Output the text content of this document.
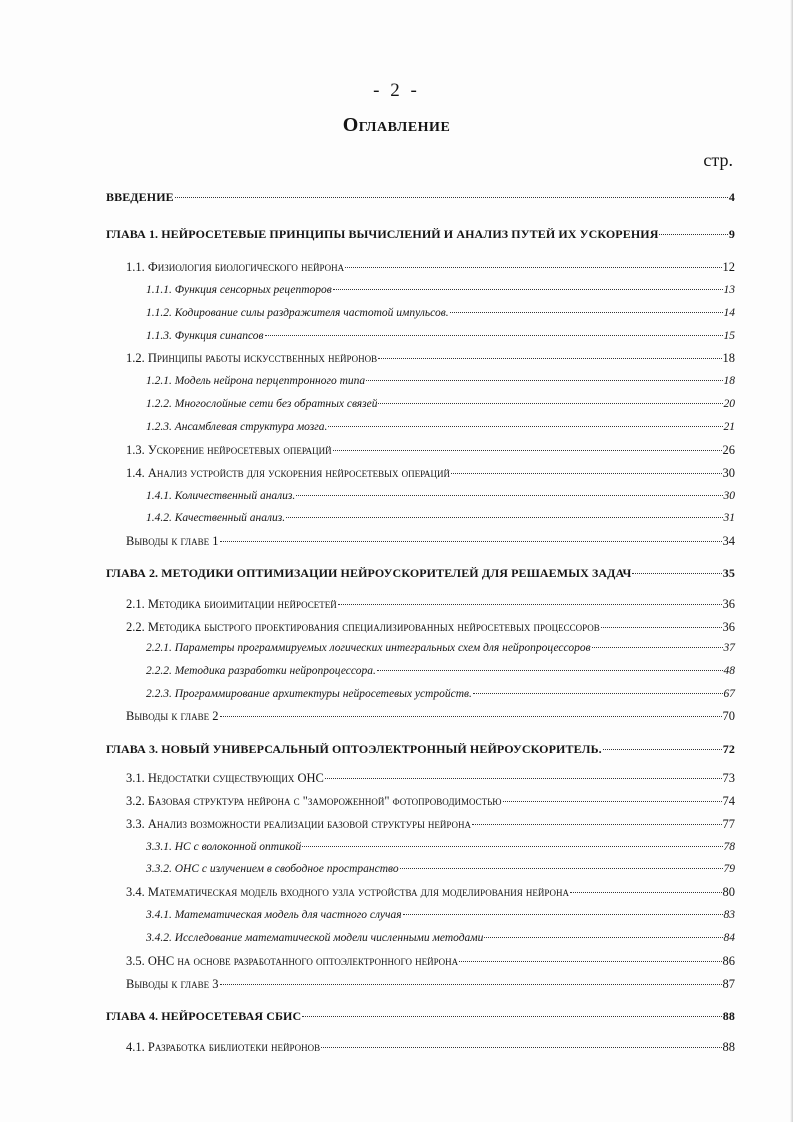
- 2 -
Оглавление
стр.
ВВЕДЕНИЕ	4
ГЛАВА 1. НЕЙРОСЕТЕВЫЕ ПРИНЦИПЫ ВЫЧИСЛЕНИЙ И АНАЛИЗ ПУТЕЙ ИХ УСКОРЕНИЯ	9
1.1. Физиология биологического нейрона	12
1.1.1. Функция сенсорных рецепторов	13
1.1.2. Кодирование силы раздражителя частотой импульсов.	14
1.1.3. Функция синапсов	15
1.2. Принципы работы искусственных нейронов	18
1.2.1. Модель нейрона перцептронного типа	18
1.2.2. Многослойные сети без обратных связей	20
1.2.3. Ансамблевая структура мозга.	21
1.3. Ускорение нейросетевых операций	26
1.4. Анализ устройств для ускорения нейросетевых операций	30
1.4.1. Количественный анализ.	30
1.4.2. Качественный анализ.	31
Выводы к главе 1	34
ГЛАВА 2. МЕТОДИКИ ОПТИМИЗАЦИИ НЕЙРОУСКОРИТЕЛЕЙ ДЛЯ РЕШАЕМЫХ ЗАДАЧ	35
2.1. Методика биоимитации нейросетей	36
2.2. Методика быстрого проектирования специализированных нейросетевых процессоров	36
2.2.1. Параметры программируемых логических интегральных схем для нейропроцессоров	37
2.2.2. Методика разработки нейропроцессора.	48
2.2.3. Программирование архитектуры нейросетевых устройств.	67
Выводы к главе 2	70
ГЛАВА 3. НОВЫЙ УНИВЕРСАЛЬНЫЙ ОПТОЭЛЕКТРОННЫЙ НЕЙРОУСКОРИТЕЛЬ.	72
3.1. Недостатки существующих ОНС	73
3.2. Базовая структура нейрона с "замороженной" фотопроводимостью	74
3.3. Анализ возможности реализации базовой структуры нейрона	77
3.3.1. НС с волоконной оптикой	78
3.3.2. ОНС с излучением в свободное пространство	79
3.4. Математическая модель входного узла устройства для моделирования нейрона	80
3.4.1. Математическая модель для частного случая	83
3.4.2. Исследование математической модели численными методами	84
3.5. ОНС на основе разработанного оптоэлектронного нейрона	86
Выводы к главе 3	87
ГЛАВА 4. НЕЙРОСЕТЕВАЯ СБИС	88
4.1. Разработка библиотеки нейронов	88
